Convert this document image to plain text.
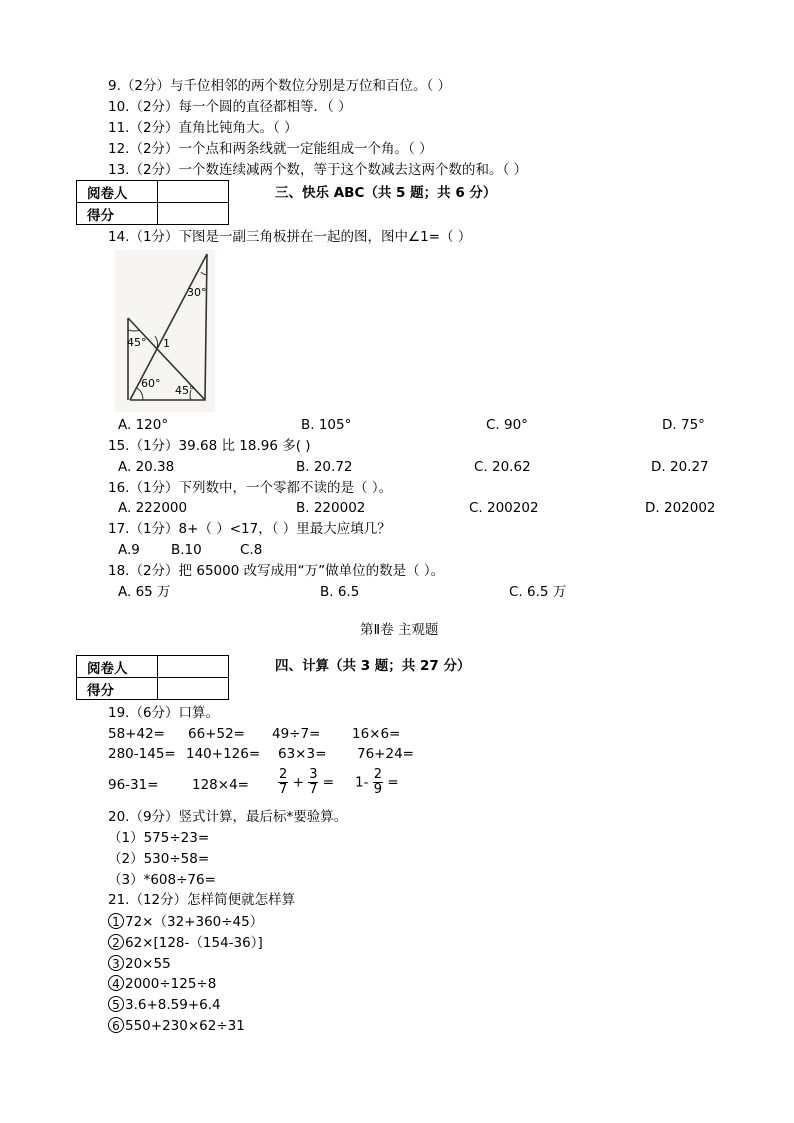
9.（2分）与千位相邻的两个数位分别是万位和百位。（ ）
10.（2分）每一个圆的直径都相等．（ ）
11.（2分）直角比钝角大。（ ）
12.（2分）一个点和两条线就一定能组成一个角。（ ）
13.（2分）一个数连续减两个数，等于这个数减去这两个数的和。（ ）
阅卷人	
得分	
三、快乐 ABC（共 5 题；共 6 分）
14.（1分）下图是一副三角板拼在一起的图，图中∠1=（ ）
30°
45° 1
60°
45°
A. 120°	B. 105°	C. 90°	D. 75°
15.（1分）39.68 比 18.96 多( )
A. 20.38	B. 20.72	C. 20.62	D. 20.27
16.（1分）下列数中，一个零都不读的是（ ）。
A. 222000	B. 220002	C. 200202	D. 202002
17.（1分）8+（ ）<17，（ ）里最大应填几？
A.9 B.10	C.8
18.（2分）把 65000 改写成用“万”做单位的数是（ ）。
A. 65 万	B. 6.5	C. 6.5 万
第Ⅱ卷 主观题
阅卷人	
得分	
四、计算（共 3 题；共 27 分）
19.（6分）口算。
58+42= 66+52= 49÷7= 16×6=
280-145= 140+126= 63×3= 76+24=
$96-31= 128\times 4= \frac{2}{7} + \frac{3}{7} = 1- \frac{2}{9}$ =
20.（9分）竖式计算，最后标*要验算。
（1）575÷23=
（2）530÷58=
（3）*608÷76=
21.（12分）怎样简便就怎样算
1 72×（32+360÷45）
2 62×[128-（154-36）]
3 20×55
4 2000÷125÷8
5 3.6+8.59+6.4
6 550+230×62÷31
